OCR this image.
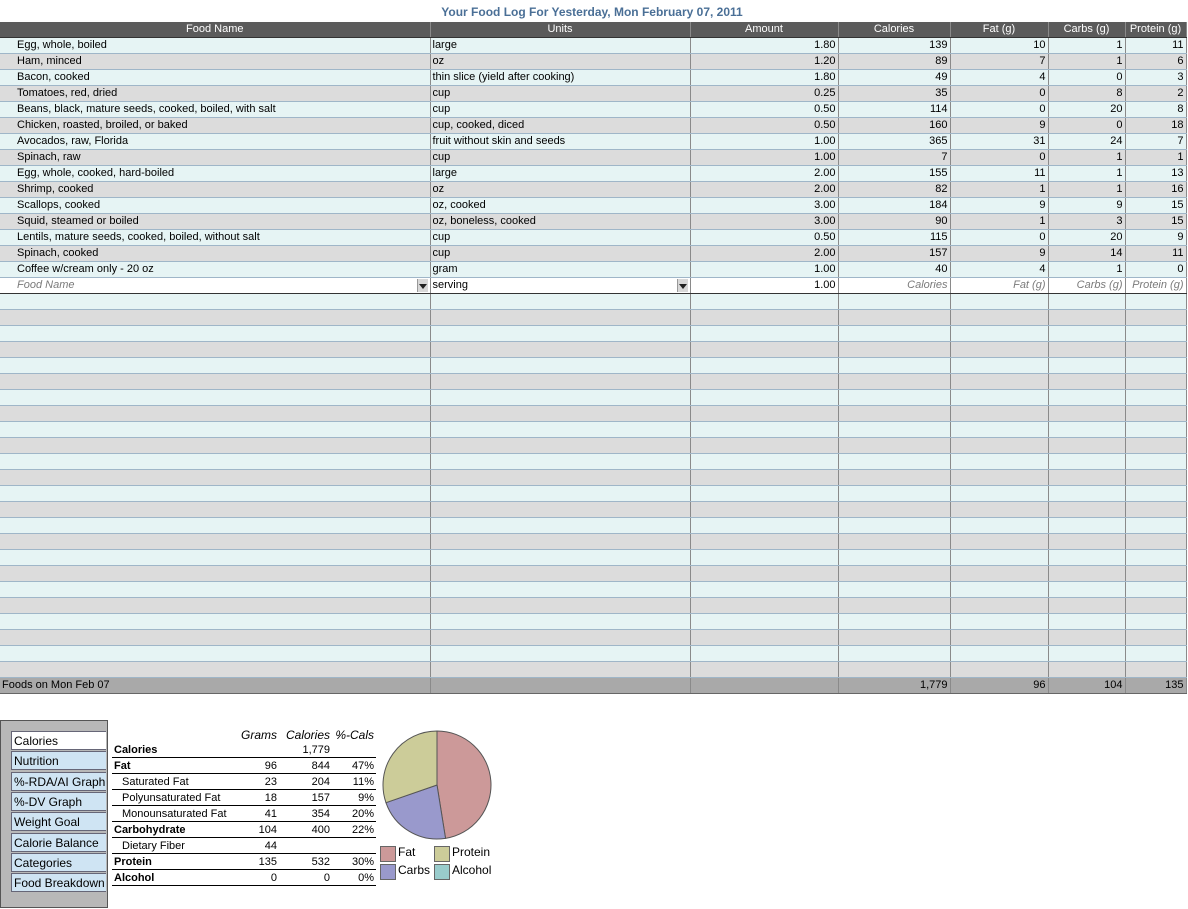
Your Food Log For Yesterday, Mon February 07, 2011
Food Name	Units	Amount	Calories	Fat (g)	Carbs (g)	Protein (g)
Egg, whole, boiled	large	1.80	139	10	1	11
Ham, minced	oz	1.20	89	7	1	6
Bacon, cooked	thin slice (yield after cooking)	1.80	49	4	0	3
Tomatoes, red, dried	cup	0.25	35	0	8	2
Beans, black, mature seeds, cooked, boiled, with salt	cup	0.50	114	0	20	8
Chicken, roasted, broiled, or baked	cup, cooked, diced	0.50	160	9	0	18
Avocados, raw, Florida	fruit without skin and seeds	1.00	365	31	24	7
Spinach, raw	cup	1.00	7	0	1	1
Egg, whole, cooked, hard-boiled	large	2.00	155	11	1	13
Shrimp, cooked	oz	2.00	82	1	1	16
Scallops, cooked	oz, cooked	3.00	184	9	9	15
Squid, steamed or boiled	oz, boneless, cooked	3.00	90	1	3	15
Lentils, mature seeds, cooked, boiled, without salt	cup	0.50	115	0	20	9
Spinach, cooked	cup	2.00	157	9	14	11
Coffee w/cream only - 20 oz	gram	1.00	40	4	1	0
Food Name	serving	1.00	Calories	Fat (g)	Carbs (g)	Protein (g)

Foods on Mon Feb 07			1,779	96	104	135
Calories
Nutrition
%-RDA/AI Graph
%-DV Graph
Weight Goal
Calorie Balance
Categories
Food Breakdown
	Grams	Calories	%-Cals
Calories		1,779	
Fat	96	844	47%
Saturated Fat	23	204	11%
Polyunsaturated Fat	18	157	9%
Monounsaturated Fat	41	354	20%
Carbohydrate	104	400	22%
Dietary Fiber	44		
Protein	135	532	30%
Alcohol	0	0	0%
Fat	Protein
Carbs Alcohol
